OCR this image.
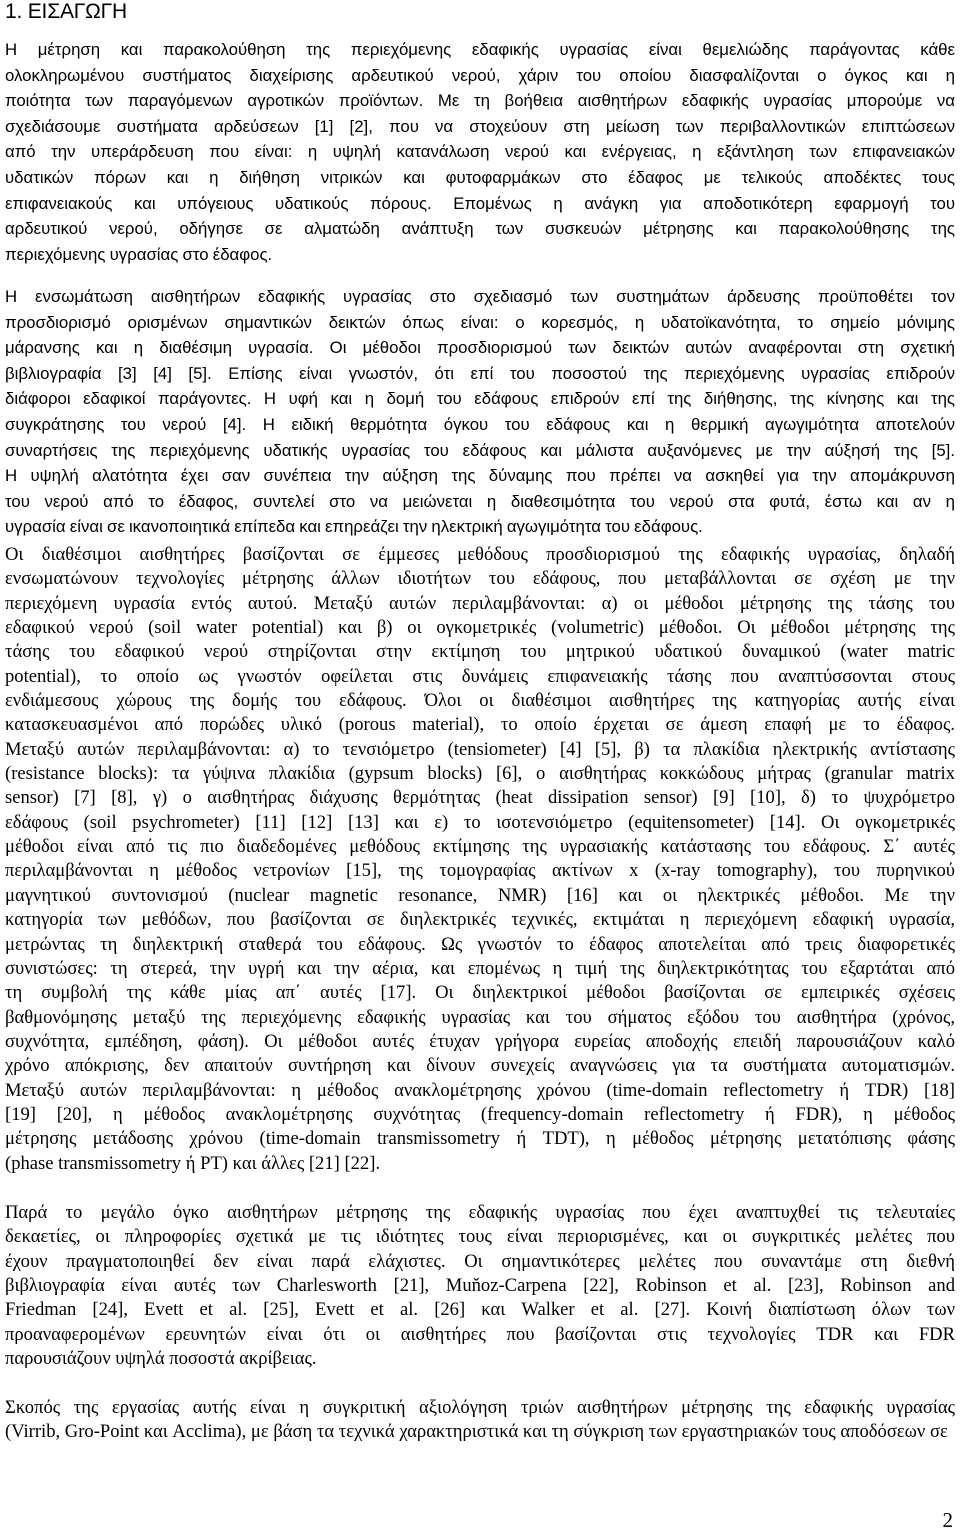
1. ΕΙΣΑΓΩΓΗ
Η μέτρηση και παρακολούθηση της περιεχόμενης εδαφικής υγρασίας είναι θεμελιώδης παράγοντας κάθε
ολοκληρωμένου συστήματος διαχείρισης αρδευτικού νερού, χάριν του οποίου διασφαλίζονται ο όγκος και η
ποιότητα των παραγόμενων αγροτικών προϊόντων. Με τη βοήθεια αισθητήρων εδαφικής υγρασίας μπορούμε να
σχεδιάσουμε συστήματα αρδεύσεων [1] [2], που να στοχεύουν στη μείωση των περιβαλλοντικών επιπτώσεων
από την υπεράρδευση που είναι: η υψηλή κατανάλωση νερού και ενέργειας, η εξάντληση των επιφανειακών
υδατικών πόρων και η διήθηση νιτρικών και φυτοφαρμάκων στο έδαφος με τελικούς αποδέκτες τους
επιφανειακούς και υπόγειους υδατικούς πόρους. Επομένως η ανάγκη για αποδοτικότερη εφαρμογή του
αρδευτικού νερού, οδήγησε σε αλματώδη ανάπτυξη των συσκευών μέτρησης και παρακολούθησης της
περιεχόμενης υγρασίας στο έδαφος.
Η ενσωμάτωση αισθητήρων εδαφικής υγρασίας στο σχεδιασμό των συστημάτων άρδευσης προϋποθέτει τον
προσδιορισμό ορισμένων σημαντικών δεικτών όπως είναι: ο κορεσμός, η υδατοϊκανότητα, το σημείο μόνιμης
μάρανσης και η διαθέσιμη υγρασία. Οι μέθοδοι προσδιορισμού των δεικτών αυτών αναφέρονται στη σχετική
βιβλιογραφία [3] [4] [5]. Επίσης είναι γνωστόν, ότι επί του ποσοστού της περιεχόμενης υγρασίας επιδρούν
διάφοροι εδαφικοί παράγοντες. Η υφή και η δομή του εδάφους επιδρούν επί της διήθησης, της κίνησης και της
συγκράτησης του νερού [4]. Η ειδική θερμότητα όγκου του εδάφους και η θερμική αγωγιμότητα αποτελούν
συναρτήσεις της περιεχόμενης υδατικής υγρασίας του εδάφους και μάλιστα αυξανόμενες με την αύξησή της [5].
Η υψηλή αλατότητα έχει σαν συνέπεια την αύξηση της δύναμης που πρέπει να ασκηθεί για την απομάκρυνση
του νερού από το έδαφος, συντελεί στο να μειώνεται η διαθεσιμότητα του νερού στα φυτά, έστω και αν η
υγρασία είναι σε ικανοποιητικά επίπεδα και επηρεάζει την ηλεκτρική αγωγιμότητα του εδάφους.
Οι διαθέσιμοι αισθητήρες βασίζονται σε έμμεσες μεθόδους προσδιορισμού της εδαφικής υγρασίας, δηλαδή
ενσωματώνουν τεχνολογίες μέτρησης άλλων ιδιοτήτων του εδάφους, που μεταβάλλονται σε σχέση με την
περιεχόμενη υγρασία εντός αυτού. Μεταξύ αυτών περιλαμβάνονται: α) οι μέθοδοι μέτρησης της τάσης του
εδαφικού νερού (soil water potential) και β) οι ογκομετρικές (volumetric) μέθοδοι. Οι μέθοδοι μέτρησης της
τάσης του εδαφικού νερού στηρίζονται στην εκτίμηση του μητρικού υδατικού δυναμικού (water matric
potential), το οποίο ως γνωστόν οφείλεται στις δυνάμεις επιφανειακής τάσης που αναπτύσσονται στους
ενδιάμεσους χώρους της δομής του εδάφους. Όλοι οι διαθέσιμοι αισθητήρες της κατηγορίας αυτής είναι
κατασκευασμένοι από πορώδες υλικό (porous material), το οποίο έρχεται σε άμεση επαφή με το έδαφος.
Μεταξύ αυτών περιλαμβάνονται: α) το τενσιόμετρο (tensiometer) [4] [5], β) τα πλακίδια ηλεκτρικής αντίστασης
(resistance blocks): τα γύψινα πλακίδια (gypsum blocks) [6], ο αισθητήρας κοκκώδους μήτρας (granular matrix
sensor) [7] [8], γ) ο αισθητήρας διάχυσης θερμότητας (heat dissipation sensor) [9] [10], δ) το ψυχρόμετρο
εδάφους (soil psychrometer) [11] [12] [13] και ε) το ισοτενσιόμετρο (equitensometer) [14]. Οι ογκομετρικές
μέθοδοι είναι από τις πιο διαδεδομένες μεθόδους εκτίμησης της υγρασιακής κατάστασης του εδάφους. Σ΄ αυτές
περιλαμβάνονται η μέθοδος νετρονίων [15], της τομογραφίας ακτίνων x (x-ray tomography), του πυρηνικού
μαγνητικού συντονισμού (nuclear magnetic resonance, NMR) [16] και οι ηλεκτρικές μέθοδοι. Με την
κατηγορία των μεθόδων, που βασίζονται σε διηλεκτρικές τεχνικές, εκτιμάται η περιεχόμενη εδαφική υγρασία,
μετρώντας τη διηλεκτρική σταθερά του εδάφους. Ως γνωστόν το έδαφος αποτελείται από τρεις διαφορετικές
συνιστώσες: τη στερεά, την υγρή και την αέρια, και επομένως η τιμή της διηλεκτρικότητας του εξαρτάται από
τη συμβολή της κάθε μίας απ΄ αυτές [17]. Οι διηλεκτρικοί μέθοδοι βασίζονται σε εμπειρικές σχέσεις
βαθμονόμησης μεταξύ της περιεχόμενης εδαφικής υγρασίας και του σήματος εξόδου του αισθητήρα (χρόνος,
συχνότητα, εμπέδηση, φάση). Οι μέθοδοι αυτές έτυχαν γρήγορα ευρείας αποδοχής επειδή παρουσιάζουν καλό
χρόνο απόκρισης, δεν απαιτούν συντήρηση και δίνουν συνεχείς αναγνώσεις για τα συστήματα αυτοματισμών.
Μεταξύ αυτών περιλαμβάνονται: η μέθοδος ανακλομέτρησης χρόνου (time-domain reflectometry ή TDR) [18]
[19] [20], η μέθοδος ανακλομέτρησης συχνότητας (frequency-domain reflectometry ή FDR), η μέθοδος
μέτρησης μετάδοσης χρόνου (time-domain transmissometry ή TDT), η μέθοδος μέτρησης μετατόπισης φάσης
(phase transmissometry ή PT) και άλλες [21] [22].
Παρά το μεγάλο όγκο αισθητήρων μέτρησης της εδαφικής υγρασίας που έχει αναπτυχθεί τις τελευταίες
δεκαετίες, οι πληροφορίες σχετικά με τις ιδιότητες τους είναι περιορισμένες, και οι συγκριτικές μελέτες που
έχουν πραγματοποιηθεί δεν είναι παρά ελάχιστες. Οι σημαντικότερες μελέτες που συναντάμε στη διεθνή
βιβλιογραφία είναι αυτές των Charlesworth [21], Muňoz-Carpena [22], Robinson et al. [23], Robinson and
Friedman [24], Evett et al. [25], Evett et al. [26] και Walker et al. [27]. Κοινή διαπίστωση όλων των
προαναφερομένων ερευνητών είναι ότι οι αισθητήρες που βασίζονται στις τεχνολογίες TDR και FDR
παρουσιάζουν υψηλά ποσοστά ακρίβειας.
Σκοπός της εργασίας αυτής είναι η συγκριτική αξιολόγηση τριών αισθητήρων μέτρησης της εδαφικής υγρασίας
(Virrib, Gro-Point και Acclima), με βάση τα τεχνικά χαρακτηριστικά και τη σύγκριση των εργαστηριακών τους αποδόσεων σε
2
